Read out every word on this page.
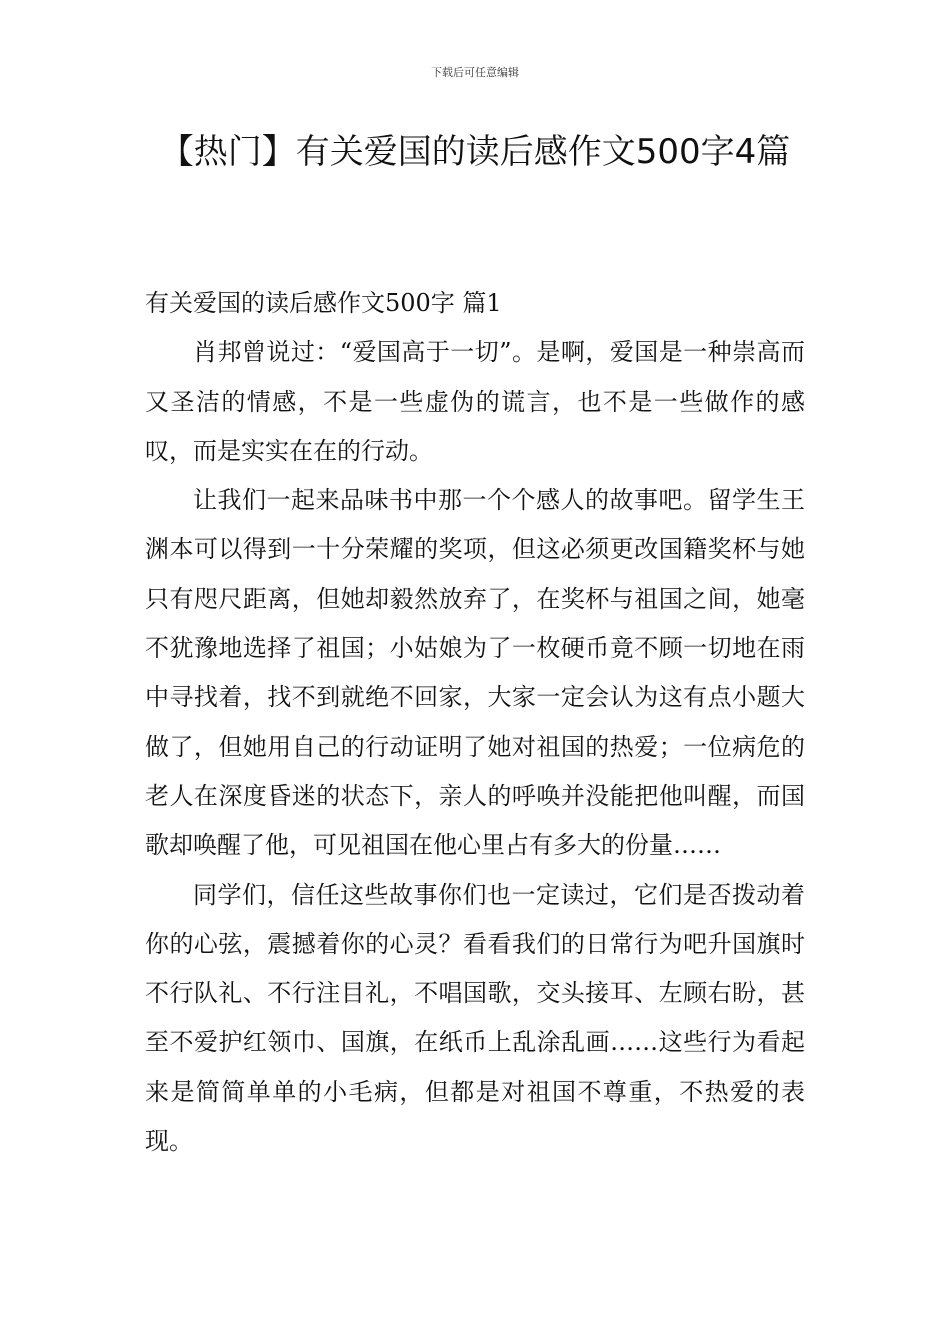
下载后可任意编辑
【热门】有关爱国的读后感作文500字4篇
有关爱国的读后感作文500字 篇1

肖邦曾说过：“爱国高于一切”。是啊，爱国是一种崇高而又圣洁的情感，不是一些虚伪的谎言，也不是一些做作的感叹，而是实实在在的行动。

让我们一起来品味书中那一个个感人的故事吧。留学生王渊本可以得到一十分荣耀的奖项，但这必须更改国籍奖杯与她只有咫尺距离，但她却毅然放弃了，在奖杯与祖国之间，她毫不犹豫地选择了祖国；小姑娘为了一枚硬币竟不顾一切地在雨中寻找着，找不到就绝不回家，大家一定会认为这有点小题大做了，但她用自己的行动证明了她对祖国的热爱；一位病危的老人在深度昏迷的状态下，亲人的呼唤并没能把他叫醒，而国歌却唤醒了他，可见祖国在他心里占有多大的份量……

同学们，信任这些故事你们也一定读过，它们是否拨动着你的心弦，震撼着你的心灵？看看我们的日常行为吧升国旗时不行队礼、不行注目礼，不唱国歌，交头接耳、左顾右盼，甚至不爱护红领巾、国旗，在纸币上乱涂乱画……这些行为看起来是简简单单的小毛病，但都是对祖国不尊重，不热爱的表现。
